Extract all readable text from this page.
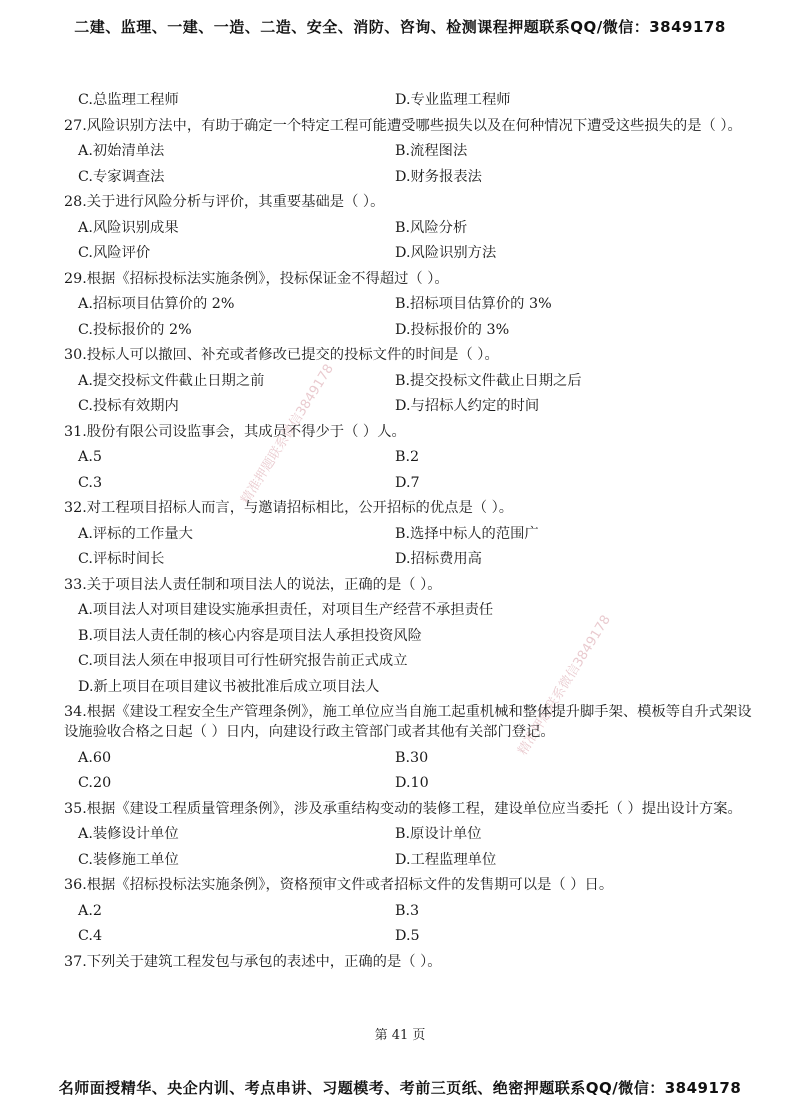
二建、监理、一建、一造、二造、安全、消防、咨询、检测课程押题联系QQ/微信：3849178
精准押题联系微信3849178
精准押题联系微信3849178
C.总监理工程师	D.专业监理工程师
27.风险识别方法中，有助于确定一个特定工程可能遭受哪些损失以及在何种情况下遭受这些损失的是（ ）。
A.初始清单法	B.流程图法
C.专家调查法	D.财务报表法
28.关于进行风险分析与评价，其重要基础是（ ）。
A.风险识别成果	B.风险分析
C.风险评价	D.风险识别方法
29.根据《招标投标法实施条例》，投标保证金不得超过（ ）。
A.招标项目估算价的 2%	B.招标项目估算价的 3%
C.投标报价的 2%	D.投标报价的 3%
30.投标人可以撤回、补充或者修改已提交的投标文件的时间是（ ）。
A.提交投标文件截止日期之前	B.提交投标文件截止日期之后
C.投标有效期内	D.与招标人约定的时间
31.股份有限公司设监事会，其成员不得少于（ ）人。
A.5	B.2
C.3	D.7
32.对工程项目招标人而言，与邀请招标相比，公开招标的优点是（ ）。
A.评标的工作量大	B.选择中标人的范围广
C.评标时间长	D.招标费用高
33.关于项目法人责任制和项目法人的说法，正确的是（ ）。
A.项目法人对项目建设实施承担责任，对项目生产经营不承担责任
B.项目法人责任制的核心内容是项目法人承担投资风险
C.项目法人须在申报项目可行性研究报告前正式成立
D.新上项目在项目建议书被批准后成立项目法人
34.根据《建设工程安全生产管理条例》，施工单位应当自施工起重机械和整体提升脚手架、模板等自升式架设设施验收合格之日起（ ）日内，向建设行政主管部门或者其他有关部门登记。
A.60	B.30
C.20	D.10
35.根据《建设工程质量管理条例》，涉及承重结构变动的装修工程，建设单位应当委托（ ）提出设计方案。
A.装修设计单位	B.原设计单位
C.装修施工单位	D.工程监理单位
36.根据《招标投标法实施条例》，资格预审文件或者招标文件的发售期可以是（ ）日。
A.2	B.3
C.4	D.5
37.下列关于建筑工程发包与承包的表述中，正确的是（ ）。
第 41 页
名师面授精华、央企内训、考点串讲、习题模考、考前三页纸、绝密押题联系QQ/微信：3849178
